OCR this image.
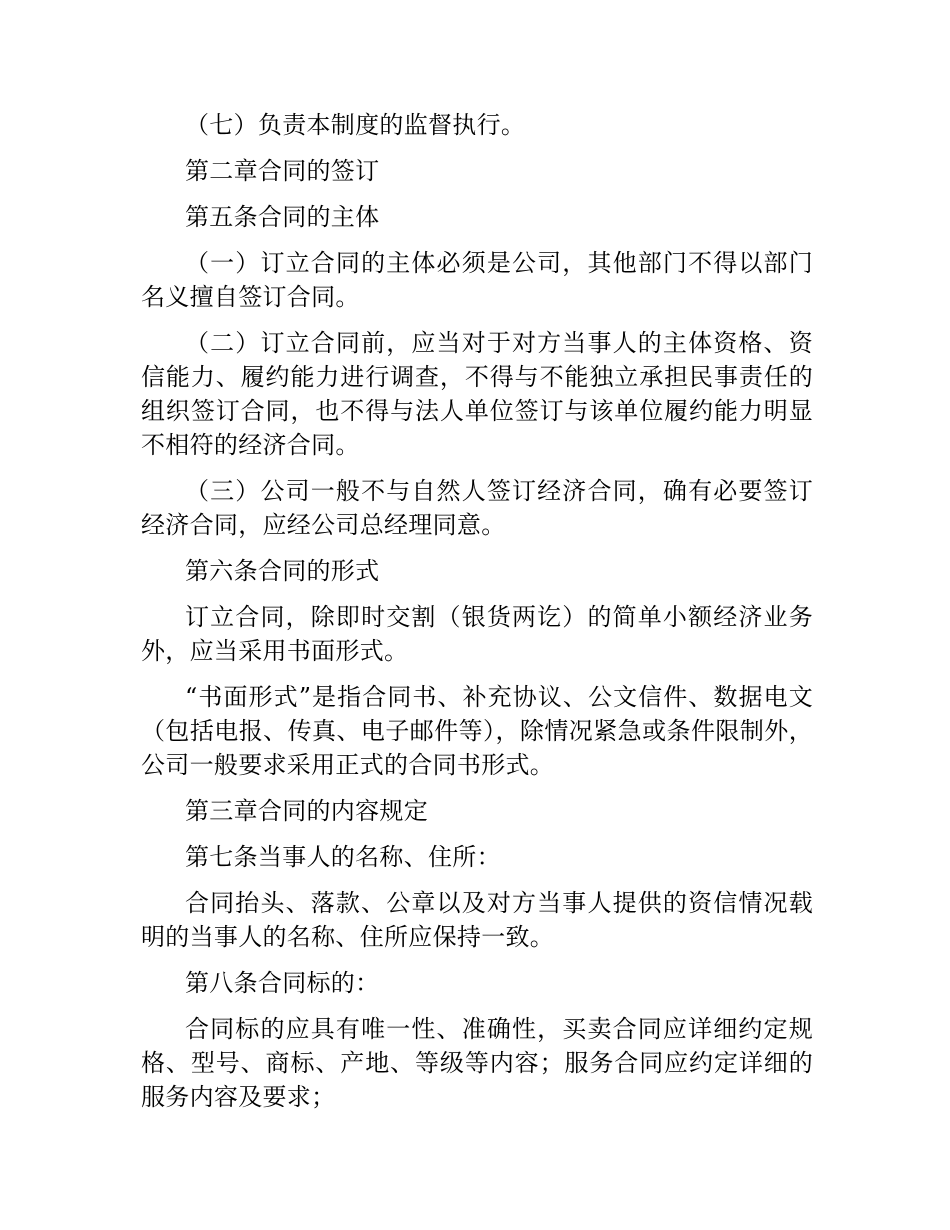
（七）负责本制度的监督执行。

第二章合同的签订

第五条合同的主体

（一）订立合同的主体必须是公司，其他部门不得以部门名义擅自签订合同。

（二）订立合同前，应当对于对方当事人的主体资格、资信能力、履约能力进行调查，不得与不能独立承担民事责任的组织签订合同，也不得与法人单位签订与该单位履约能力明显不相符的经济合同。

（三）公司一般不与自然人签订经济合同，确有必要签订经济合同，应经公司总经理同意。

第六条合同的形式

订立合同，除即时交割（银货两讫）的简单小额经济业务外，应当采用书面形式。

“书面形式”是指合同书、补充协议、公文信件、数据电文（包括电报、传真、电子邮件等），除情况紧急或条件限制外，公司一般要求采用正式的合同书形式。

第三章合同的内容规定

第七条当事人的名称、住所：

合同抬头、落款、公章以及对方当事人提供的资信情况载明的当事人的名称、住所应保持一致。

第八条合同标的：

合同标的应具有唯一性、准确性，买卖合同应详细约定规格、型号、商标、产地、等级等内容；服务合同应约定详细的服务内容及要求；
